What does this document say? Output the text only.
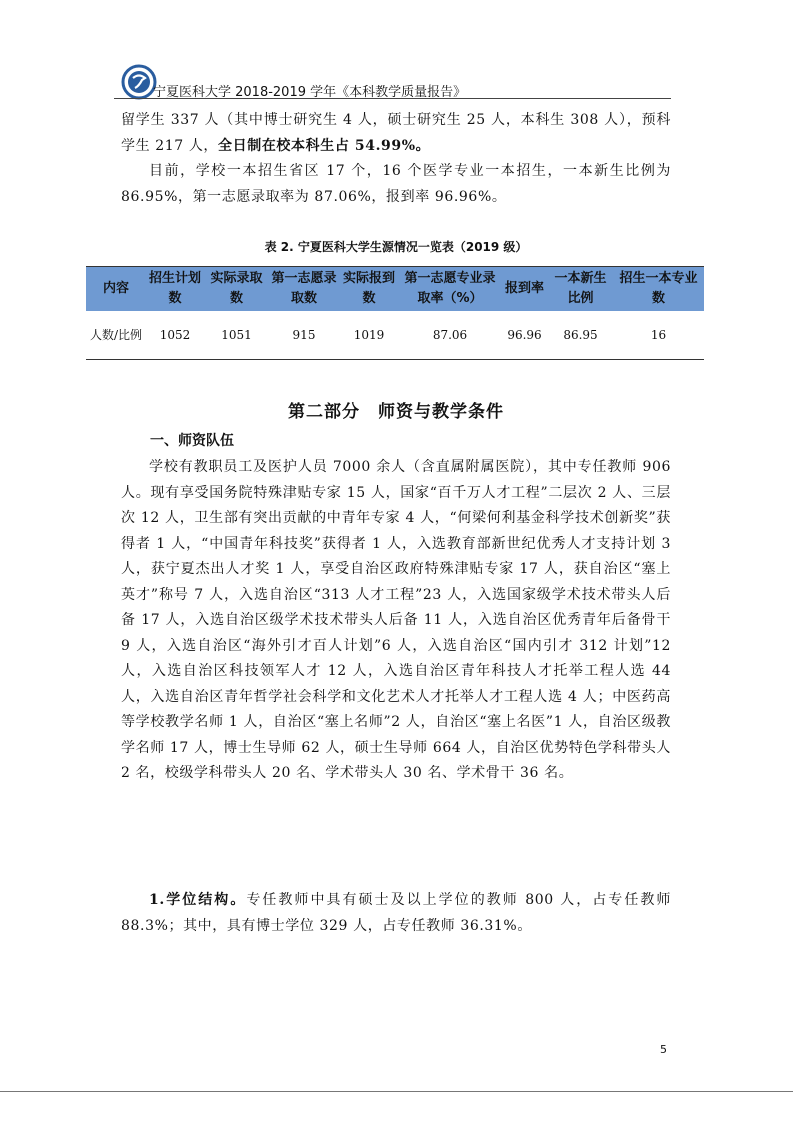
宁夏医科大学 2018-2019 学年《本科教学质量报告》

留学生 337 人（其中博士研究生 4 人，硕士研究生 25 人，本科生 308 人），预科学生 217 人，全日制在校本科生占 54.99%。

目前，学校一本招生省区 17 个，16 个医学专业一本招生，一本新生比例为 86.95%，第一志愿录取率为 87.06%，报到率 96.96%。

表 2. 宁夏医科大学生源情况一览表（2019 级）
内容	招生计划数	实际录取数	第一志愿录取数	实际报到数	第一志愿专业录取率（%）	报到率	一本新生比例	招生一本专业数
人数/比例	1052	1051	915	1019	87.06	96.96	86.95	16
第二部分　师资与教学条件
一、师资队伍

学校有教职员工及医护人员 7000 余人（含直属附属医院），其中专任教师 906 人。现有享受国务院特殊津贴专家 15 人，国家“百千万人才工程”二层次 2 人、三层次 12 人，卫生部有突出贡献的中青年专家 4 人，“何梁何利基金科学技术创新奖”获得者 1 人，“中国青年科技奖”获得者 1 人，入选教育部新世纪优秀人才支持计划 3 人，获宁夏杰出人才奖 1 人，享受自治区政府特殊津贴专家 17 人，获自治区“塞上英才”称号 7 人，入选自治区“313 人才工程”23 人，入选国家级学术技术带头人后备 17 人，入选自治区级学术技术带头人后备 11 人，入选自治区优秀青年后备骨干 9 人，入选自治区“海外引才百人计划”6 人，入选自治区“国内引才 312 计划”12 人，入选自治区科技领军人才 12 人，入选自治区青年科技人才托举工程人选 44 人，入选自治区青年哲学社会科学和文化艺术人才托举人才工程人选 4 人；中医药高等学校教学名师 1 人，自治区“塞上名师”2 人，自治区“塞上名医”1 人，自治区级教学名师 17 人，博士生导师 62 人，硕士生导师 664 人，自治区优势特色学科带头人 2 名，校级学科带头人 20 名、学术带头人 30 名、学术骨干 36 名。

1.学位结构。专任教师中具有硕士及以上学位的教师 800 人，占专任教师 88.3%；其中，具有博士学位 329 人，占专任教师 36.31%。

5
